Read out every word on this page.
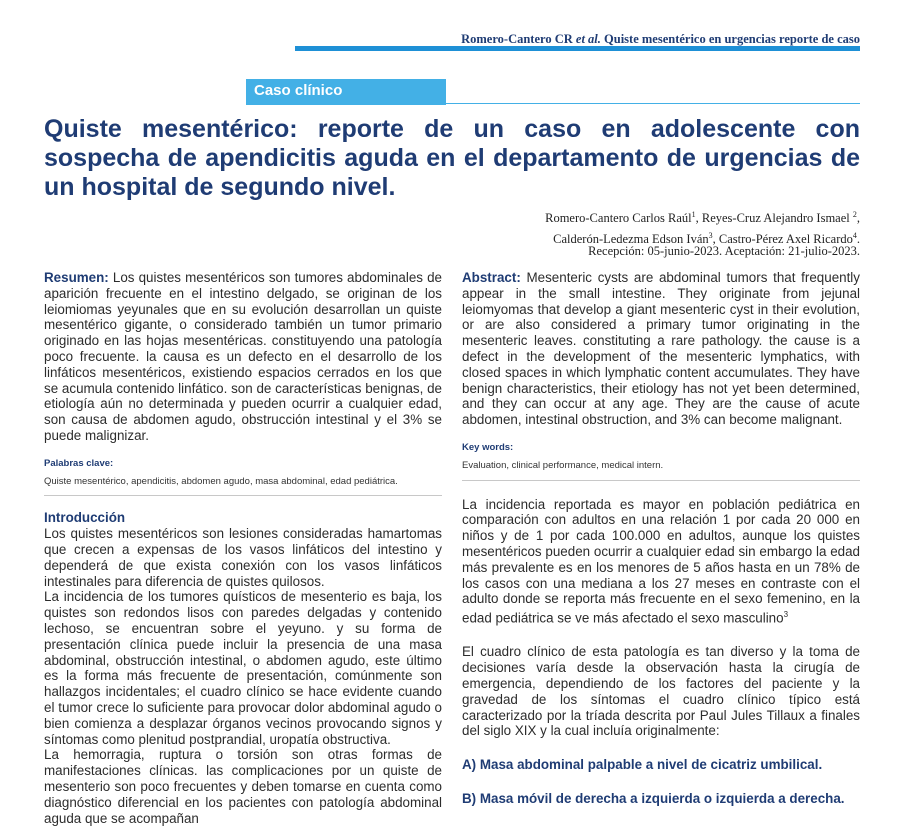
Romero-Cantero CR et al. Quiste mesentérico en urgencias reporte de caso
Caso clínico
Quiste mesentérico: reporte de un caso en adolescente con sospecha de apendicitis aguda en el departamento de urgencias de un hospital de segundo nivel.
Romero-Cantero Carlos Raúl$^1$, Reyes-Cruz Alejandro Ismael $^2$,
Calderón-Ledezma Edson Iván$^3$, Castro-Pérez Axel Ricardo$^4$.
Recepción: 05-junio-2023. Aceptación: 21-julio-2023.

Resumen: Los quistes mesentéricos son tumores abdominales de aparición frecuente en el intestino delgado, se originan de los leiomiomas yeyunales que en su evolución desarrollan un quiste mesentérico gigante, o considerado también un tumor primario originado en las hojas mesentéricas. constituyendo una patología poco frecuente. la causa es un defecto en el desarrollo de los linfáticos mesentéricos, existiendo espacios cerrados en los que se acumula contenido linfático. son de características benignas, de etiología aún no determinada y pueden ocurrir a cualquier edad, son causa de abdomen agudo, obstrucción intestinal y el 3% se puede malignizar.

Palabras clave:

Quiste mesentérico, apendicitis, abdomen agudo, masa abdominal, edad pediátrica.

Introducción

Los quistes mesentéricos son lesiones consideradas hamartomas que crecen a expensas de los vasos linfáticos del intestino y dependerá de que exista conexión con los vasos linfáticos intestinales para diferencia de quistes quilosos.

La incidencia de los tumores quísticos de mesenterio es baja, los quistes son redondos lisos con paredes delgadas y contenido lechoso, se encuentran sobre el yeyuno. y su forma de presentación clínica puede incluir la presencia de una masa abdominal, obstrucción intestinal, o abdomen agudo, este último es la forma más frecuente de presentación, comúnmente son hallazgos incidentales; el cuadro clínico se hace evidente cuando el tumor crece lo suficiente para provocar dolor abdominal agudo o bien comienza a desplazar órganos vecinos provocando signos y síntomas como plenitud postprandial, uropatía obstructiva.

La hemorragia, ruptura o torsión son otras formas de manifestaciones clínicas. las complicaciones por un quiste de mesenterio son poco frecuentes y deben tomarse en cuenta como diagnóstico diferencial en los pacientes con patología abdominal aguda que se acompañan

Abstract: Mesenteric cysts are abdominal tumors that frequently appear in the small intestine. They originate from jejunal leiomyomas that develop a giant mesenteric cyst in their evolution, or are also considered a primary tumor originating in the mesenteric leaves. constituting a rare pathology. the cause is a defect in the development of the mesenteric lymphatics, with closed spaces in which lymphatic content accumulates. They have benign characteristics, their etiology has not yet been determined, and they can occur at any age. They are the cause of acute abdomen, intestinal obstruction, and 3% can become malignant.

Key words:

Evaluation, clinical performance, medical intern.

La incidencia reportada es mayor en población pediátrica en comparación con adultos en una relación 1 por cada 20 000 en niños y de 1 por cada 100.000 en adultos, aunque los quistes mesentéricos pueden ocurrir a cualquier edad sin embargo la edad más prevalente es en los menores de 5 años hasta en un 78% de los casos con una mediana a los 27 meses en contraste con el adulto donde se reporta más frecuente en el sexo femenino, en la edad pediátrica se ve más afectado el sexo masculino$^3$

El cuadro clínico de esta patología es tan diverso y la toma de decisiones varía desde la observación hasta la cirugía de emergencia, dependiendo de los factores del paciente y la gravedad de los síntomas el cuadro clínico típico está caracterizado por la tríada descrita por Paul Jules Tillaux a finales del siglo XIX y la cual incluía originalmente:

A) Masa abdominal palpable a nivel de cicatriz umbilical.

B) Masa móvil de derecha a izquierda o izquierda a derecha.
